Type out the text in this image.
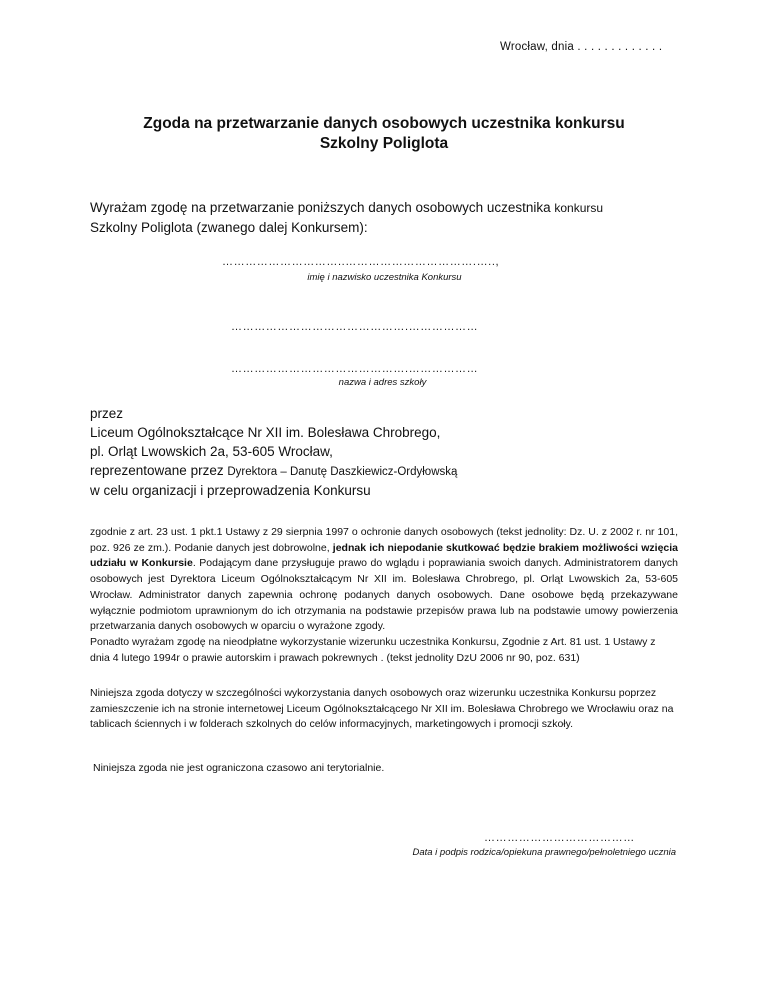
Wrocław, dnia . . . . . . . . . . . . .
Zgoda na przetwarzanie danych osobowych uczestnika konkursu
Szkolny Poliglota
Wyrażam zgodę na przetwarzanie poniższych danych osobowych uczestnika konkursu
Szkolny Poliglota (zwanego dalej Konkursem):
…………………………..…………………………….…..,
imię i nazwisko uczestnika Konkursu
……………………………………….………………
……………………………………….………………
nazwa i adres szkoły
przez
Liceum Ogólnokształcące Nr XII im. Bolesława Chrobrego,
pl. Orląt Lwowskich 2a, 53-605 Wrocław,
reprezentowane przez Dyrektora – Danutę Daszkiewicz-Ordyłowską
w celu organizacji i przeprowadzenia Konkursu

zgodnie z art. 23 ust. 1 pkt.1 Ustawy z 29 sierpnia 1997 o ochronie danych osobowych (tekst jednolity: Dz. U. z 2002 r. nr 101, poz. 926 ze zm.). Podanie danych jest dobrowolne, jednak ich niepodanie skutkować będzie brakiem możliwości wzięcia udziału w Konkursie. Podającym dane przysługuje prawo do wglądu i poprawiania swoich danych. Administratorem danych osobowych jest Dyrektora Liceum Ogólnokształcącym Nr XII im. Bolesława Chrobrego, pl. Orląt Lwowskich 2a, 53-605 Wrocław. Administrator danych zapewnia ochronę podanych danych osobowych. Dane osobowe będą przekazywane wyłącznie podmiotom uprawnionym do ich otrzymania na podstawie przepisów prawa lub na podstawie umowy powierzenia przetwarzania danych osobowych w oparciu o wyrażone zgody.

Ponadto wyrażam zgodę na nieodpłatne wykorzystanie wizerunku uczestnika Konkursu, Zgodnie z Art. 81 ust. 1 Ustawy z dnia 4 lutego 1994r o prawie autorskim i prawach pokrewnych . (tekst jednolity DzU 2006 nr 90, poz. 631)

Niniejsza zgoda dotyczy w szczególności wykorzystania danych osobowych oraz wizerunku uczestnika Konkursu poprzez zamieszczenie ich na stronie internetowej Liceum Ogólnokształcącego Nr XII im. Bolesława Chrobrego we Wrocławiu oraz na tablicach ściennych i w folderach szkolnych do celów informacyjnych, marketingowych i promocji szkoły.
Niniejsza zgoda nie jest ograniczona czasowo ani terytorialnie.
…………………………………
Data i podpis rodzica/opiekuna prawnego/pełnoletniego ucznia
